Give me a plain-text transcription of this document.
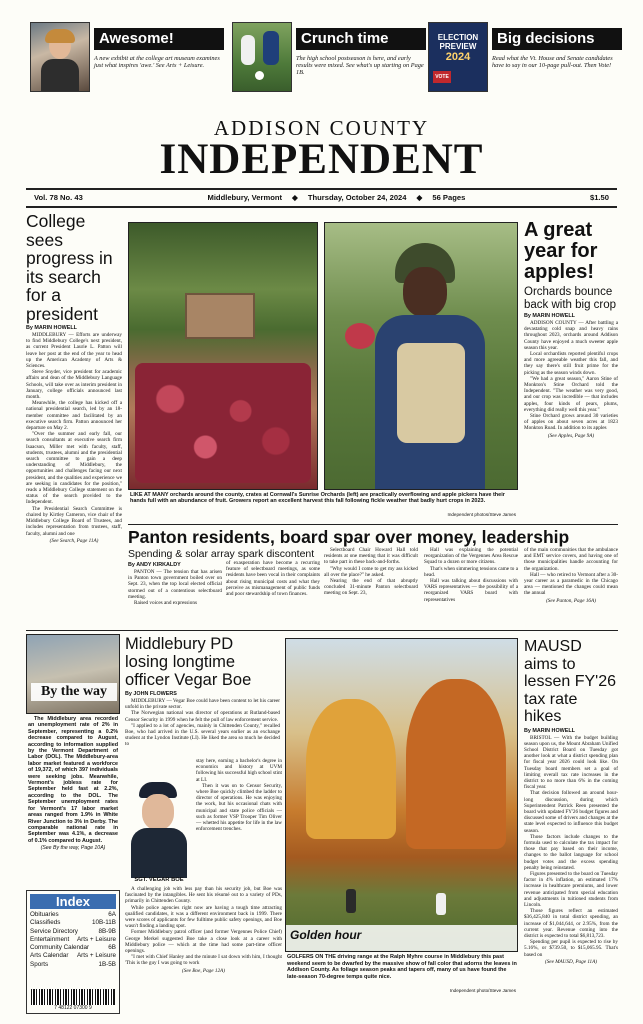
Awesome!
A new exhibit at the college art museum examines just what inspires 'awe.' See Arts + Leisure.
Crunch time
The high school postseason is here, and early results were mixed. See what's up starting on Page 1B.
ELECTION
PREVIEW
2024
VOTE
Big decisions
Read what the Vt. House and Senate candidates have to say in our 10-page pull-out. Then Vote!
ADDISON COUNTY
INDEPENDENT
Vol. 78 No. 43	Middlebury, Vermont ◆ Thursday, October 24, 2024 ◆ 56 Pages	$1.50
College sees progress in its search for a president
By MARIN HOWELL

MIDDLEBURY — Efforts are underway to find Middlebury College's next president, as current President Laurie L. Patton will leave her post at the end of the year to head up the American Academy of Arts & Sciences.

Steve Snyder, vice president for academic affairs and dean of the Middlebury Language Schools, will take over as interim president in January, college officials announced last month.

Meanwhile, the college has kicked off a national presidential search, led by an 18-member committee and facilitated by an executive search firm. Patton announced her departure on May 2.

"Over the summer and early fall, our search consultants at executive search firm Isaacson, Miller met with faculty, staff, students, trustees, alumni and the presidential search committee to gain a deep understanding of Middlebury, the opportunities and challenges facing our next president, and the qualities and experience we are seeking in candidates for the position," reads a Middlebury College statement on the status of the search provided to the Independent.

The Presidential Search Committee is chaired by Kirtley Cameron, vice chair of the Middlebury College Board of Trustees, and includes representation from trustees, staff, faculty, alumni and one

(See Search, Page 11A)
LIKE AT MANY orchards around the county, crates at Cornwall's Sunrise Orchards (left) are practically overflowing and apple pickers have their hands full with an abundance of fruit. Growers report an excellent harvest this fall following fickle weather that badly hurt crops in 2023.
Independent photos/Steve James
A great year for apples!
Orchards bounce back with big crop
By MARIN HOWELL

ADDISON COUNTY — After battling a devastating cold snap and heavy rains throughout 2023, orchards around Addison County have enjoyed a much sweeter apple season this year.

Local orchardists reported plentiful crops and more agreeable weather this fall, and they say there's still fruit prime for the picking as the season winds down.

"We had a great season," Aaron Stine of Monkton's Stine Orchard told the Independent. "The weather was very good, and our crop was incredible — that includes apples, four kinds of pears, plums, everything did really well this year."

Stine Orchard grows around 30 varieties of apples on about seven acres at 1823 Monkton Road. In addition to its apples

(See Apples, Page 9A)
Panton residents, board spar over money, leadership
Spending & solar array spark discontent
By ANDY KIRKALDY

PANTON — The tension that has arisen in Panton town government boiled over on Sept. 23, when the top local elected official stormed out of a contentious selectboard meeting.

Raised voices and expressions

of exasperation have become a recurring feature of selectboard meetings, as some residents have been vocal in their complaints about rising municipal costs and what they perceive as mismanagement of public funds and poor stewardship of town finances.

Selectboard Chair Howard Hall told residents at one meeting that it was difficult to take part in these back-and-forths.

"Why would I come to get my ass kicked all over the place?" he asked.

Nearing the end of that abruptly concluded 31-minute Panton selectboard meeting on Sept. 23,

Hall was explaining the potential reorganization of the Vergennes Area Rescue Squad to a dozen or more citizens.

That's when simmering tensions came to a head.

Hall was talking about discussions with VARS representatives — the possibility of a reorganized VARS board with representatives

of the main communities that the ambulance and EMT service covers, and having one of those municipalities handle accounting for the organization.

Hall — who retired to Vermont after a 30-year career as a paramedic in the Chicago area — mentioned the changes could mean the annual

(See Panton, Page 16A)
By the way

The Middlebury area recorded an unemployment rate of 2% in September, representing a 0.2% decrease compared to August, according to information supplied by the Vermont Department of Labor (DOL). The Middlebury-area labor market featured a workforce of 19,372, of which 397 individuals were seeking jobs. Meanwhile, Vermont's jobless rate for September held fast at 2.2%, according to the DOL. The September unemployment rates for Vermont's 17 labor market areas ranged from 1.9% in White River Junction to 3% in Derby. The comparable national rate in September was 4.1%, a decrease of 0.1% compared to August.

(See By the way, Page 10A)
Index
Obituaries	6A
Classifieds	10B-11B
Service Directory	8B-9B
Entertainment Arts + Leisure
Community Calendar	6B
Arts Calendar Arts + Leisure
Sports	1B-5B
7 48122 07300 9
Middlebury PD losing longtime officer Vegar Boe
By JOHN FLOWERS

MIDDLEBURY — Vegar Boe could have been content to let his career unfold in the private sector.

The Norwegian national was director of operations at Rutland-based Censor Security in 1999 when he felt the pull of law enforcement service.

"I applied to a lot of agencies, mainly in Chittenden County," recalled Boe, who had arrived in the U.S. several years earlier as an exchange student at the Lyndon Institute (LI). He liked the area so much he decided to

SGT. VEGAR BOE

stay here, earning a bachelor's degree in economics and history at UVM following his successful high school stint at LI.

Then it was on to Censor Security, where Boe quickly climbed the ladder to director of operations. He was enjoying the work, but his occasional chats with municipal and state police officials — such as former VSP Trooper Tim Oliver — whetted his appetite for life in the law enforcement trenches.

A challenging job with less pay than his security job, but Boe was fascinated by the intangibles. He sent his résumé out to a variety of PDs, primarily in Chittenden County.

While police agencies right now are having a tough time attracting qualified candidates, it was a different environment back in 1999. There were scores of applicants for few fulltime public safety openings, and Boe wasn't finding a landing spot.

Former Middlebury patrol officer (and former Vergennes Police Chief) George Merkel suggested Boe take a close look at a career with Middlebury police — which at the time had some part-time officer openings.

"I met with Chief Hanley and the minute I sat down with him, I thought 'This is the guy I was going to work

(See Boe, Page 12A)
Golden hour
GOLFERS ON THE driving range at the Ralph Myhre course in Middlebury this past weekend seem to be dwarfed by the massive show of fall color that adorns the leaves in Addison County. As foliage season peaks and tapers off, many of us have found the late-season 70-degree temps quite nice.
Independent photo/Steve James
MAUSD aims to lessen FY'26 tax rate hikes
By MARIN HOWELL

BRISTOL — With the budget building season upon us, the Mount Abraham Unified School District Board on Tuesday got another look at what a district spending plan for fiscal year 2026 could look like. On Tuesday board members set a goal of limiting overall tax rate increases in the district to no more than 6% in the coming fiscal year.

That decision followed an around hour-long discussion, during which Superintendent Patrick Reen presented the board with updated FY'26 budget figures and discussed some of drivers and changes at the state level expected to influence this budget season.

Those factors include changes to the formula used to calculate the tax impact for those that pay based on their income, changes to the ballot language for school budget votes and the excess spending penalty being reinstated.

Figures presented to the board on Tuesday factor in 4% inflation, an estimated 17% increase in healthcare premiums, and lower revenue anticipated from special education and adjustments in tuitioned students from Lincoln.

Those figures reflect an estimated $36,425,840 in total district spending, an increase of $1,044,644, or 2.95%, from the current year. Revenue coming into the district is expected to total $6,813,723.

Spending per pupil is expected to rise by 5.16%, or $739.50, to $15,065.95. That's based on

(See MAUSD, Page 11A)
